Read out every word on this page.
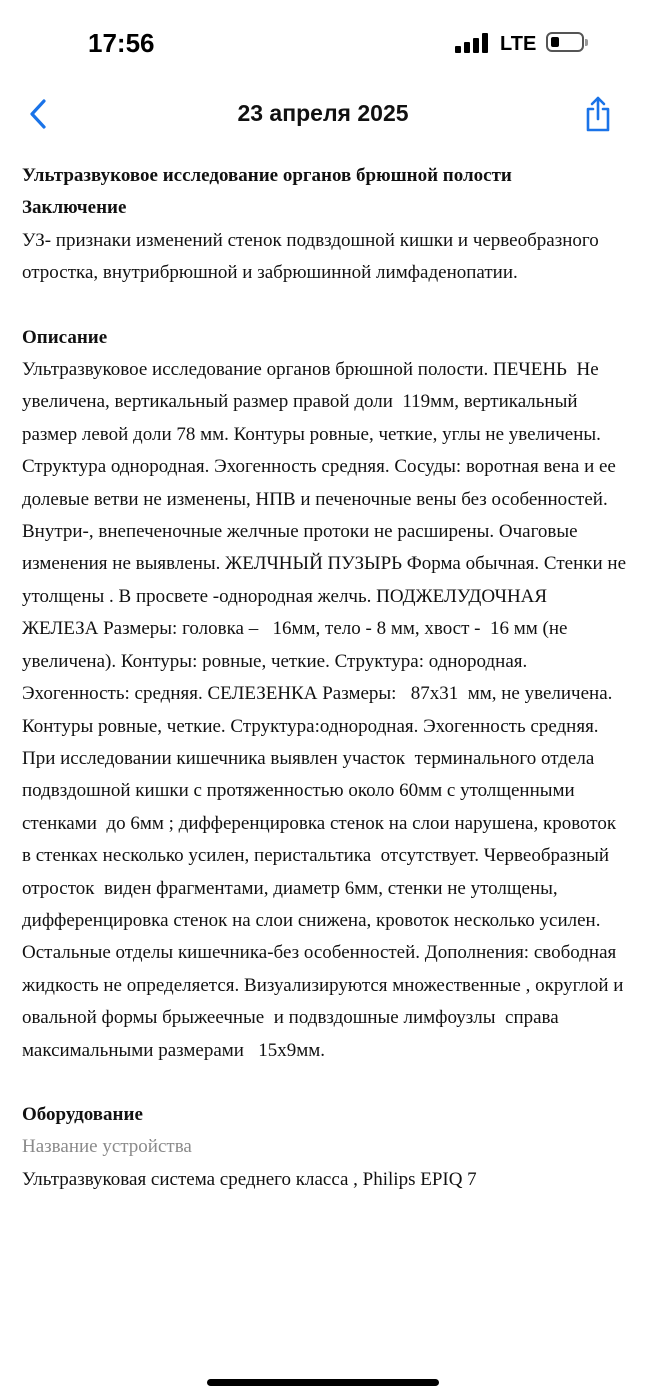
17:56	LTE
23 апреля 2025

Ультразвуковое исследование органов брюшной полости

Заключение

УЗ- признаки изменений стенок подвздошной кишки и червеобразного отростка, внутрибрюшной и забрюшинной лимфаденопатии.

Описание

Ультразвуковое исследование органов брюшной полости. ПЕЧЕНЬ  Не увеличена, вертикальный размер правой доли  119мм, вертикальный размер левой доли 78 мм. Контуры ровные, четкие, углы не увеличены. Структура однородная. Эхогенность средняя. Сосуды: воротная вена и ее долевые ветви не изменены, НПВ и печеночные вены без особенностей. Внутри-, внепеченочные желчные протоки не расширены. Очаговые изменения не выявлены. ЖЕЛЧНЫЙ ПУЗЫРЬ Форма обычная. Стенки не утолщены . В просвете -однородная желчь. ПОДЖЕЛУДОЧНАЯ ЖЕЛЕЗА Размеры: головка –   16мм, тело - 8 мм, хвост -  16 мм (не увеличена). Контуры: ровные, четкие. Структура: однородная. Эхогенность: средняя. СЕЛЕЗЕНКА Размеры:   87х31  мм, не увеличена. Контуры ровные, четкие. Структура:однородная. Эхогенность средняя. При исследовании кишечника выявлен участок  терминального отдела подвздошной кишки с протяженностью около 60мм с утолщенными стенками  до 6мм ; дифференцировка стенок на слои нарушена, кровоток в стенках несколько усилен, перистальтика  отсутствует. Червеобразный отросток  виден фрагментами, диаметр 6мм, стенки не утолщены, дифференцировка стенок на слои снижена, кровоток несколько усилен. Остальные отделы кишечника-без особенностей. Дополнения: свободная жидкость не определяется. Визуализируются множественные , округлой и овальной формы брыжеечные  и подвздошные лимфоузлы  справа  максимальными размерами   15х9мм.

Оборудование

Название устройства

Ультразвуковая система среднего класса , Philips EPIQ 7
